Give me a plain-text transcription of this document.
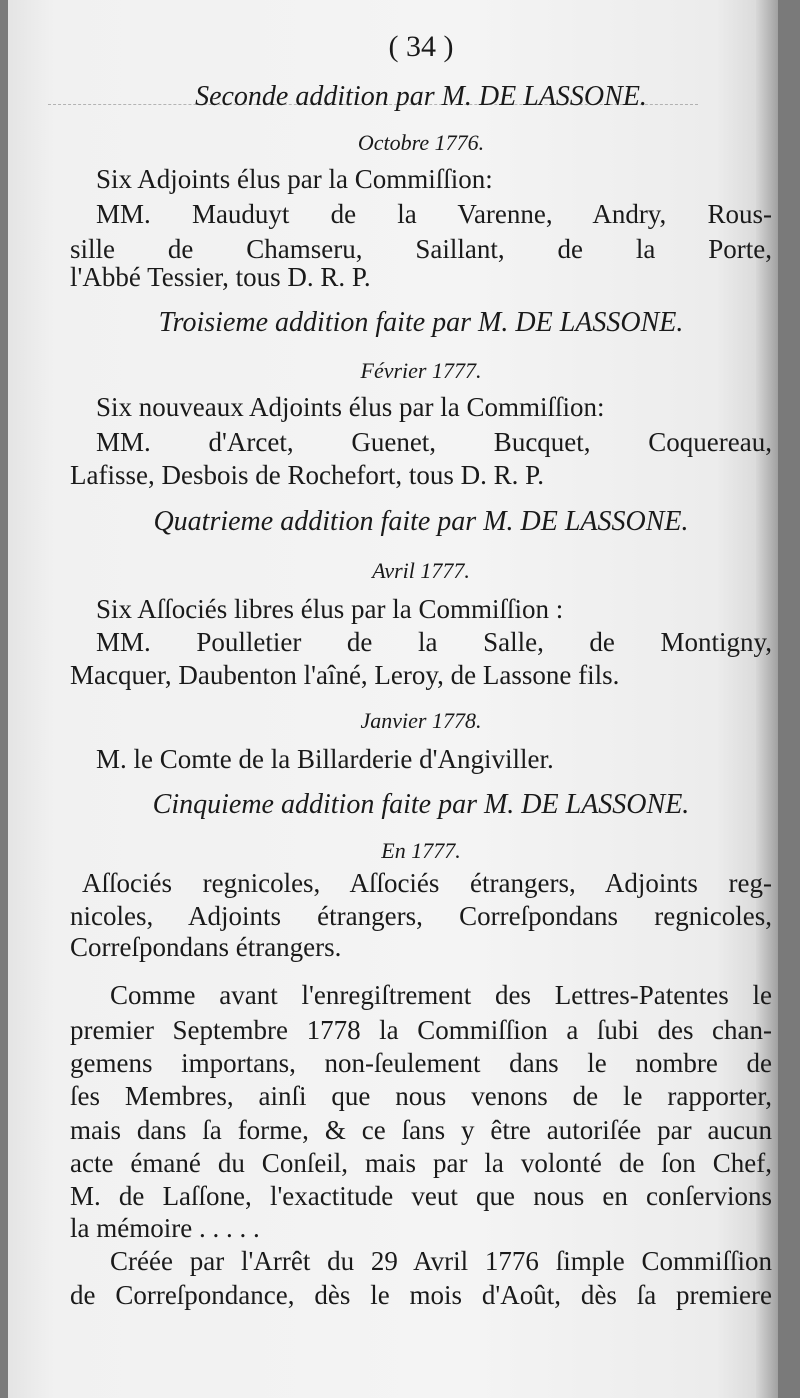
( 34 )
Seconde addition par M. DE LASSONE.
Octobre 1776.
Six Adjoints élus par la Commiſſion:
MM. Mauduyt de la Varenne, Andry, Rous-
sille de Chamseru, Saillant, de la Porte,
l'Abbé Tessier, tous D. R. P.
Troisieme addition faite par M. DE LASSONE.
Février 1777.
Six nouveaux Adjoints élus par la Commiſſion:
MM. d'Arcet, Guenet, Bucquet, Coquereau,
Lafisse, Desbois de Rochefort, tous D. R. P.
Quatrieme addition faite par M. DE LASSONE.
Avril 1777.
Six Aſſociés libres élus par la Commiſſion :
MM. Poulletier de la Salle, de Montigny,
Macquer, Daubenton l'aîné, Leroy, de Lassone fils.
Janvier 1778.
M. le Comte de la Billarderie d'Angiviller.
Cinquieme addition faite par M. DE LASSONE.
En 1777.
Aſſociés regnicoles, Aſſociés étrangers, Adjoints reg-
nicoles, Adjoints étrangers, Correſpondans regnicoles,
Correſpondans étrangers.
Comme avant l'enregiſtrement des Lettres-Patentes le
premier Septembre 1778 la Commiſſion a ſubi des chan-
gemens importans, non-ſeulement dans le nombre de
ſes Membres, ainſi que nous venons de le rapporter,
mais dans ſa forme, & ce ſans y être autoriſée par aucun
acte émané du Conſeil, mais par la volonté de ſon Chef,
M. de Laſſone, l'exactitude veut que nous en conſervions
la mémoire . . . . .
Créée par l'Arrêt du 29 Avril 1776 ſimple Commiſſion
de Correſpondance, dès le mois d'Août, dès ſa premiere
